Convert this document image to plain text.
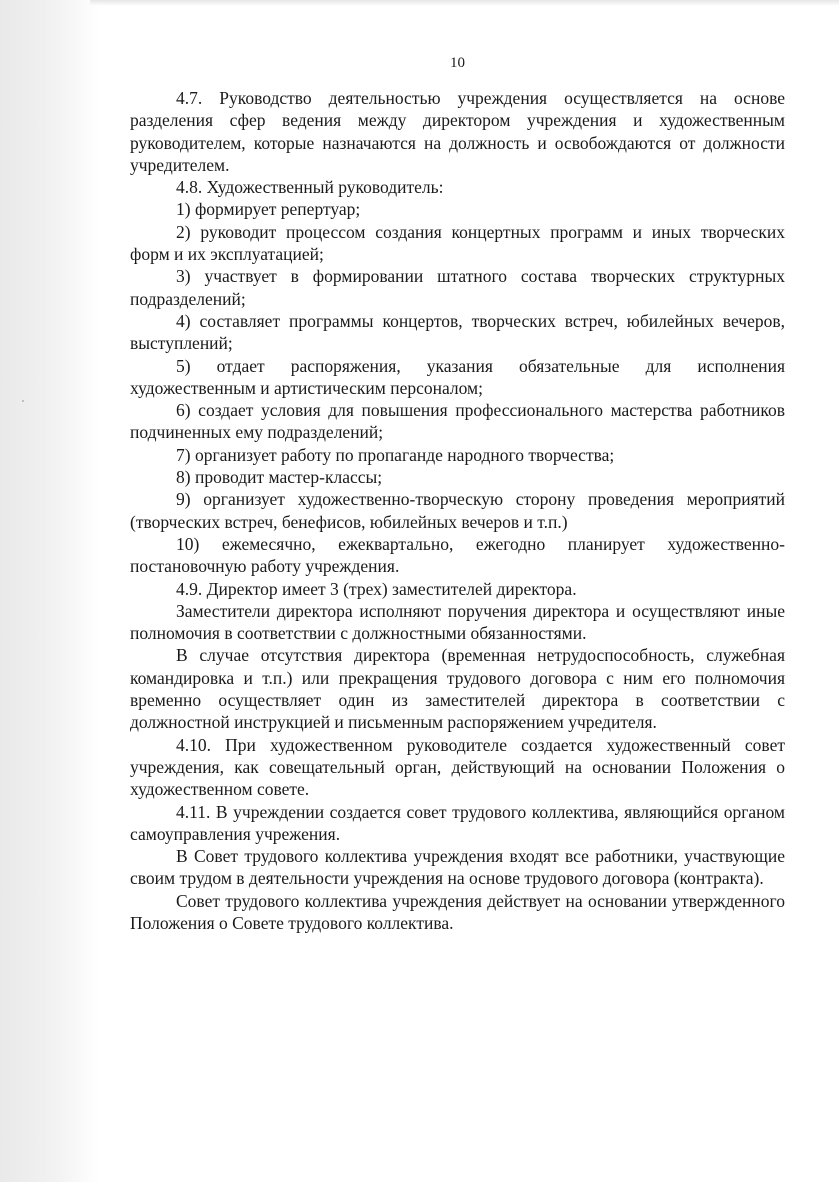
10

4.7. Руководство деятельностью учреждения осуществляется на основе разделения сфер ведения между директором учреждения и художественным руководителем, которые назначаются на должность и освобождаются от должности учредителем.

4.8. Художественный руководитель:

1) формирует репертуар;

2) руководит процессом создания концертных программ и иных творческих форм и их эксплуатацией;

3) участвует в формировании штатного состава творческих структурных подразделений;

4) составляет программы концертов, творческих встреч, юбилейных вечеров, выступлений;

5) отдает распоряжения, указания обязательные для исполнения художественным и артистическим персоналом;

6) создает условия для повышения профессионального мастерства работников подчиненных ему подразделений;

7) организует работу по пропаганде народного творчества;

8) проводит мастер-классы;

9) организует художественно-творческую сторону проведения мероприятий (творческих встреч, бенефисов, юбилейных вечеров и т.п.)

10) ежемесячно, ежеквартально, ежегодно планирует художественно-постановочную работу учреждения.

4.9. Директор имеет 3 (трех) заместителей директора.

Заместители директора исполняют поручения директора и осуществляют иные полномочия в соответствии с должностными обязанностями.

В случае отсутствия директора (временная нетрудоспособность, служебная командировка и т.п.) или прекращения трудового договора с ним его полномочия временно осуществляет один из заместителей директора в соответствии с должностной инструкцией и письменным распоряжением учредителя.

4.10. При художественном руководителе создается художественный совет учреждения, как совещательный орган, действующий на основании Положения о художественном совете.

4.11. В учреждении создается совет трудового коллектива, являющийся органом самоуправления учрежения.

В Совет трудового коллектива учреждения входят все работники, участвующие своим трудом в деятельности учреждения на основе трудового договора (контракта).

Совет трудового коллектива учреждения действует на основании утвержденного Положения о Совете трудового коллектива.
